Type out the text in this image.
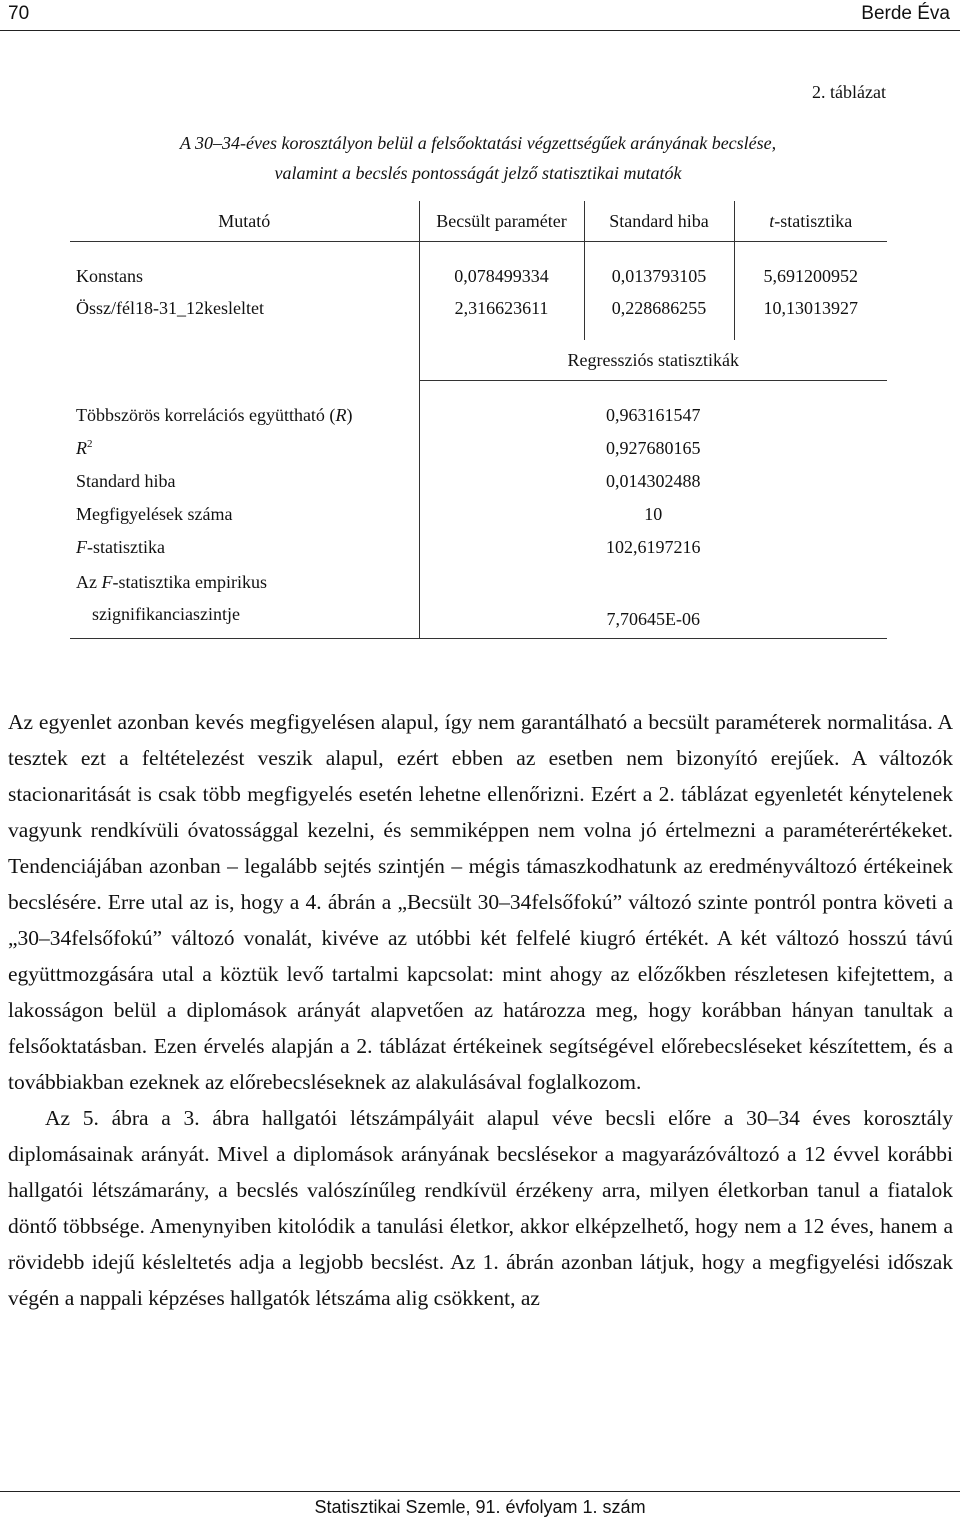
70	Berde Éva
2. táblázat
A 30–34-éves korosztályon belül a felsőoktatási végzettségűek arányának becslése,
valamint a becslés pontosságát jelző statisztikai mutatók
Mutató	Becsült paraméter	Standard hiba	t-statisztika

Konstans	0,078499334	0,013793105	5,691200952
Össz/fél18-31_12kesleltet	2,316623611	0,228686255	10,13013927

	Regressziós statisztikák		

Többszörös korrelációs együttható (R)	0,963161547		
$R^2$	0,927680165		
Standard hiba	0,014302488		
Megfigyelések száma	10		
F-statisztika	102,6197216		

Az F-statisztika empirikus
szignifikanciaszintje	7,70645E-06		

Az egyenlet azonban kevés megfigyelésen alapul, így nem garantálható a becsült paraméterek normalitása. A tesztek ezt a feltételezést veszik alapul, ezért ebben az esetben nem bizonyító erejűek. A változók stacionaritását is csak több megfigyelés esetén lehetne ellenőrizni. Ezért a 2. táblázat egyenletét kénytelenek vagyunk rendkívüli óvatossággal kezelni, és semmiképpen nem volna jó értelmezni a paraméterértékeket. Tendenciájában azonban – legalább sejtés szintjén – mégis támaszkodhatunk az eredményváltozó értékeinek becslésére. Erre utal az is, hogy a 4. ábrán a „Becsült 30–34felsőfokú” változó szinte pontról pontra követi a „30–34felsőfokú” változó vonalát, kivéve az utóbbi két felfelé kiugró értékét. A két változó hosszú távú együttmozgására utal a köztük levő tartalmi kapcsolat: mint ahogy az előzőkben részletesen kifejtettem, a lakosságon belül a diplomások arányát alapvetően az határozza meg, hogy korábban hányan tanultak a felsőoktatásban. Ezen érvelés alapján a 2. táblázat értékeinek segítségével előrebecsléseket készítettem, és a továbbiakban ezeknek az előrebecsléseknek az alakulásával foglalkozom.

Az 5. ábra a 3. ábra hallgatói létszámpályáit alapul véve becsli előre a 30–34 éves korosztály diplomásainak arányát. Mivel a diplomások arányának becslésekor a magyarázóváltozó a 12 évvel korábbi hallgatói létszámarány, a becslés valószínűleg rendkívül érzékeny arra, milyen életkorban tanul a fiatalok döntő többsége. Amenynyiben kitolódik a tanulási életkor, akkor elképzelhető, hogy nem a 12 éves, hanem a rövidebb idejű késleltetés adja a legjobb becslést. Az 1. ábrán azonban látjuk, hogy a megfigyelési időszak végén a nappali képzéses hallgatók létszáma alig csökkent, az

Statisztikai Szemle, 91. évfolyam 1. szám
